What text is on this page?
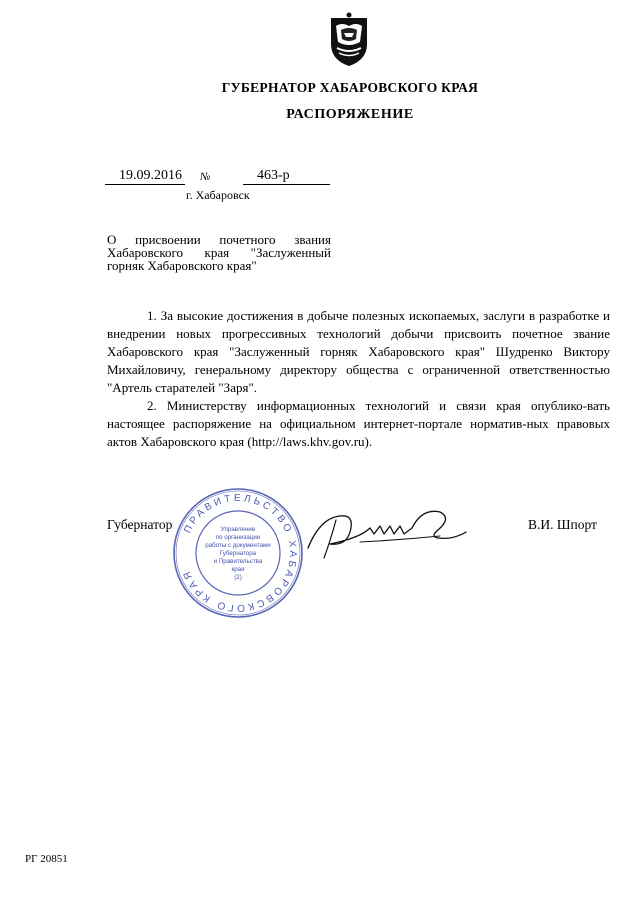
ГУБЕРНАТОР ХАБАРОВСКОГО КРАЯ
РАСПОРЯЖЕНИЕ
19.09.2016 №	463-р
г. Хабаровск
О присвоении почетного звания Хабаровского края "Заслуженный горняк Хабаровского края"

1. За высокие достижения в добыче полезных ископаемых, заслуги в разработке и внедрении новых прогрессивных технологий добычи присвоить почетное звание Хабаровского края "Заслуженный горняк Хабаровского края" Шудренко Виктору Михайловичу, генеральному директору общества с ограниченной ответственностью "Артель старателей "Заря".

2. Министерству информационных технологий и связи края опублико-вать настоящее распоряжение на официальном интернет-портале норматив-ных правовых актов Хабаровского края (http://laws.khv.gov.ru).

Губернатор	В.И. Шпорт
ПРАВИТЕЛЬСТВО ХАБАРОВСКОГО КРАЯ
Управление
по организации
работы с документами
Губернатора
и Правительства
края
(2)
РГ 20851
